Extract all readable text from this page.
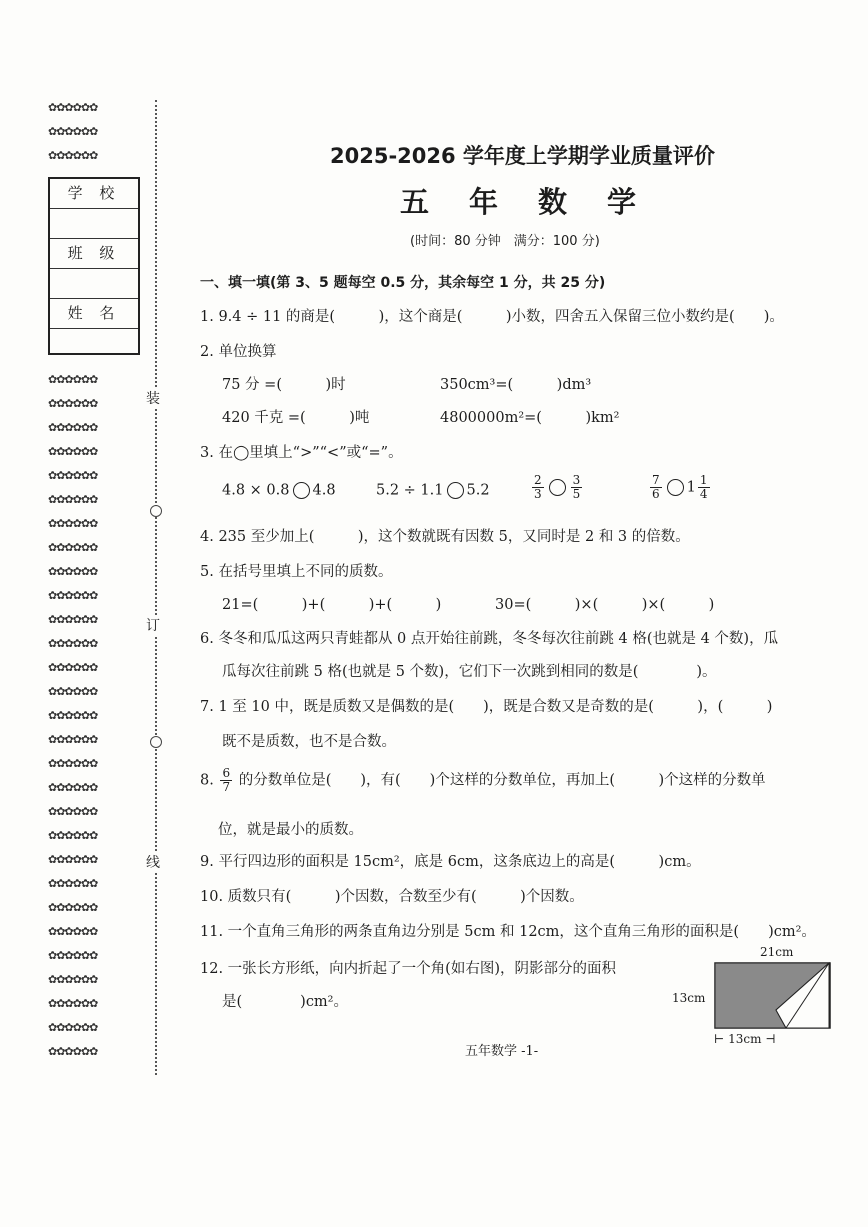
✿✿✿✿✿✿
✿✿✿✿✿✿
✿✿✿✿✿✿
学 校
班 级
姓 名
✿✿✿✿✿✿
✿✿✿✿✿✿
✿✿✿✿✿✿
✿✿✿✿✿✿
✿✿✿✿✿✿
✿✿✿✿✿✿
✿✿✿✿✿✿
✿✿✿✿✿✿
✿✿✿✿✿✿
✿✿✿✿✿✿
✿✿✿✿✿✿
✿✿✿✿✿✿
✿✿✿✿✿✿
✿✿✿✿✿✿
✿✿✿✿✿✿
✿✿✿✿✿✿
✿✿✿✿✿✿
✿✿✿✿✿✿
✿✿✿✿✿✿
✿✿✿✿✿✿
✿✿✿✿✿✿
✿✿✿✿✿✿
✿✿✿✿✿✿
✿✿✿✿✿✿
✿✿✿✿✿✿
✿✿✿✿✿✿
✿✿✿✿✿✿
✿✿✿✿✿✿
✿✿✿✿✿✿
装
订
线
2025-2026 学年度上学期学业质量评价
五年数学
(时间：80 分钟　满分：100 分)
一、填一填(第 3、5 题每空 0.5 分，其余每空 1 分，共 25 分)
1. 9.4 ÷ 11 的商是(　　　)，这个商是(　　　)小数，四舍五入保留三位小数约是(　　)。
2. 单位换算
75 分 =(　　　)时	350cm³=(　　　)dm³
420 千克 =(　　　)吨	4800000m²=(　　　)km²
3. 在◯里填上“>”“<”或“=”。
4.8 × 0.8 4.8	5.2 ÷ 1.1 5.2	$\frac{2}{3} \frac{3}{5}$	$\frac{7}{6} 1 \frac{1}{4}$
4. 235 至少加上(　　　)，这个数就既有因数 5，又同时是 2 和 3 的倍数。
5. 在括号里填上不同的质数。
21=(　　　)+(　　　)+(　　　)	30=(　　　)×(　　　)×(　　　)
6. 冬冬和瓜瓜这两只青蛙都从 0 点开始往前跳，冬冬每次往前跳 4 格(也就是 4 个数)，瓜
瓜每次往前跳 5 格(也就是 5 个数)，它们下一次跳到相同的数是(　　　　)。
7. 1 至 10 中，既是质数又是偶数的是(　　)，既是合数又是奇数的是(　　　)，(　　　)
既不是质数，也不是合数。
8. $\frac{6}{7}$ 的分数单位是(　　)，有(　　)个这样的分数单位，再加上(　　　)个这样的分数单
位，就是最小的质数。
9. 平行四边形的面积是 15cm²，底是 6cm，这条底边上的高是(　　　)cm。
10. 质数只有(　　　)个因数，合数至少有(　　　)个因数。
11. 一个直角三角形的两条直角边分别是 5cm 和 12cm，这个直角三角形的面积是(　　)cm²。
12. 一张长方形纸，向内折起了一个角(如右图)，阴影部分的面积
是(　　　　)cm²。
21cm
13cm
⊢ 13cm ⊣
五年数学 -1-
